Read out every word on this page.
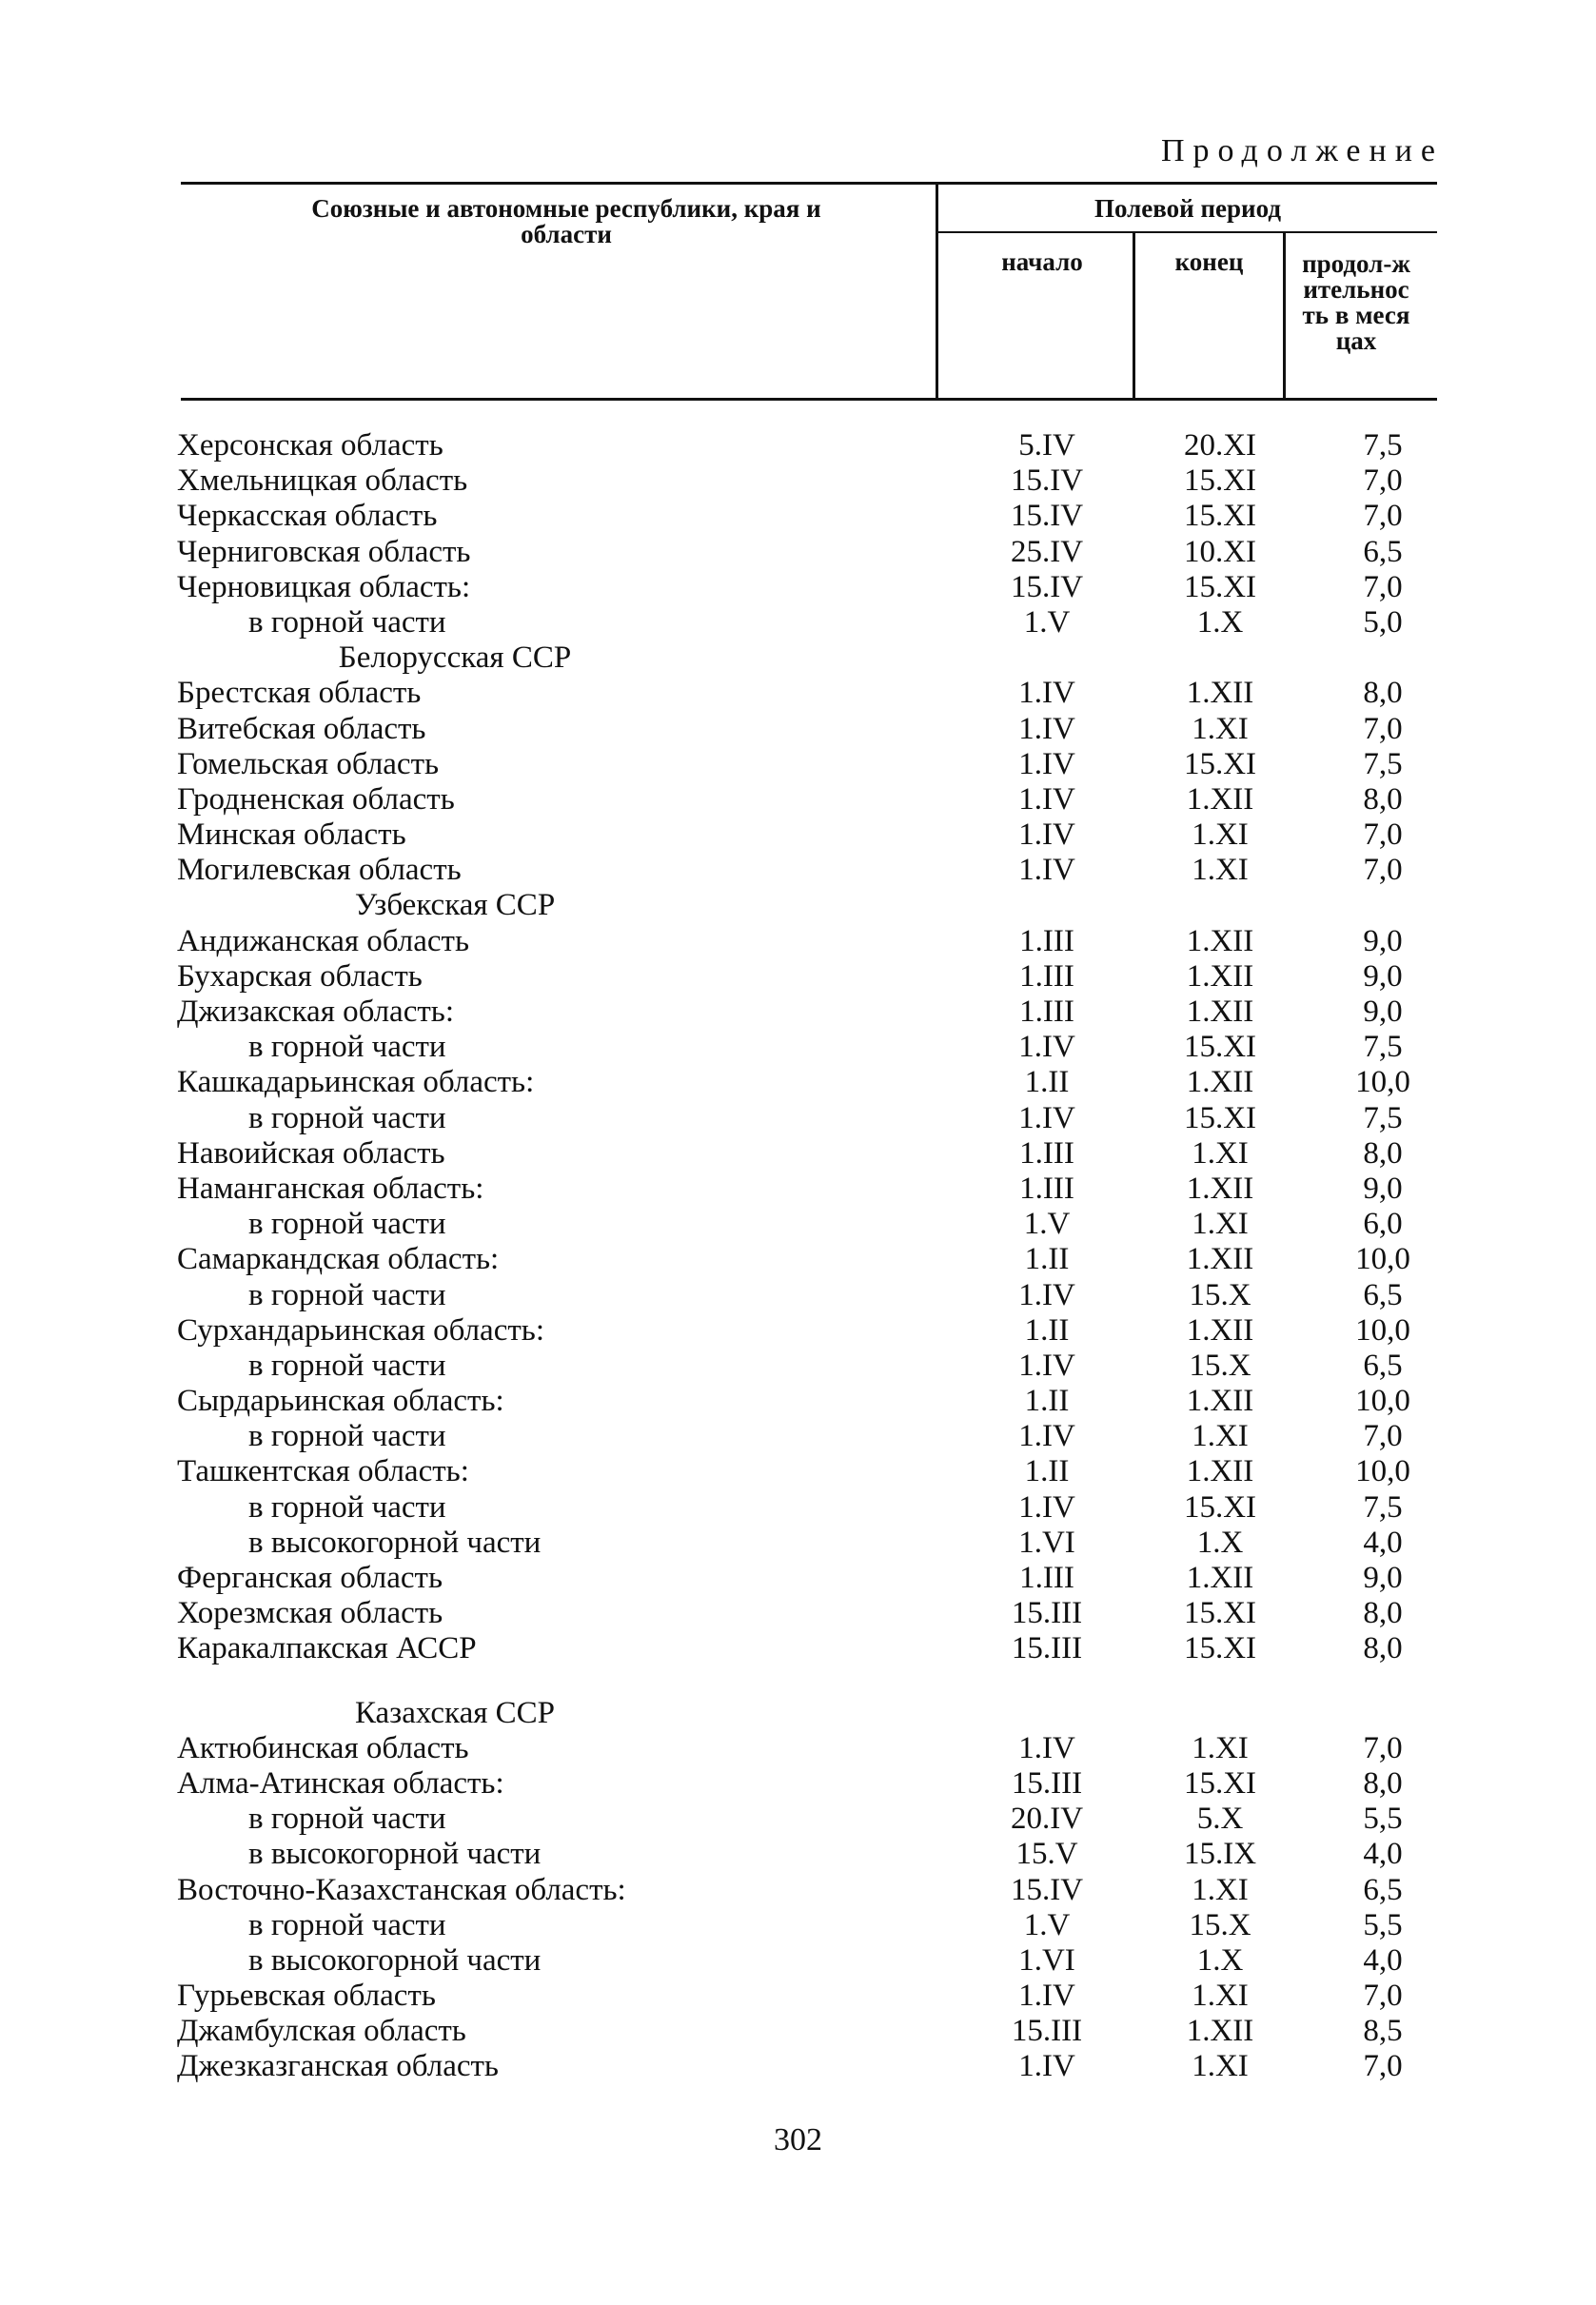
Продолжение
Союзные и автономные республики, края и области
Полевой период
начало	конец	продол-жительность в месяцах
Херсонская область	5.IV	20.XI	7,5
Хмельницкая область	15.IV	15.XI	7,0
Черкасская область	15.IV	15.XI	7,0
Черниговская область	25.IV	10.XI	6,5
Черновицкая область:	15.IV	15.XI	7,0
в горной части	1.V	1.X	5,0
Белорусская ССР
Брестская область	1.IV	1.XII	8,0
Витебская область	1.IV	1.XI	7,0
Гомельская область	1.IV	15.XI	7,5
Гродненская область	1.IV	1.XII	8,0
Минская область	1.IV	1.XI	7,0
Могилевская область	1.IV	1.XI	7,0
Узбекская ССР
Андижанская область	1.III	1.XII	9,0
Бухарская область	1.III	1.XII	9,0
Джизакская область:	1.III	1.XII	9,0
в горной части	1.IV	15.XI	7,5
Кашкадарьинская область:	1.II	1.XII	10,0
в горной части	1.IV	15.XI	7,5
Навоийская область	1.III	1.XI	8,0
Наманганская область:	1.III	1.XII	9,0
в горной части	1.V	1.XI	6,0
Самаркандская область:	1.II	1.XII	10,0
в горной части	1.IV	15.X	6,5
Сурхандарьинская область:	1.II	1.XII	10,0
в горной части	1.IV	15.X	6,5
Сырдарьинская область:	1.II	1.XII	10,0
в горной части	1.IV	1.XI	7,0
Ташкентская область:	1.II	1.XII	10,0
в горной части	1.IV	15.XI	7,5
в высокогорной части	1.VI	1.X	4,0
Ферганская область	1.III	1.XII	9,0
Хорезмская область	15.III	15.XI	8,0
Каракалпакская АССР	15.III	15.XI	8,0
Казахская ССР
Актюбинская область	1.IV	1.XI	7,0
Алма-Атинская область:	15.III	15.XI	8,0
в горной части	20.IV	5.X	5,5
в высокогорной части	15.V	15.IX	4,0
Восточно-Казахстанская область:	15.IV	1.XI	6,5
в горной части	1.V	15.X	5,5
в высокогорной части	1.VI	1.X	4,0
Гурьевская область	1.IV	1.XI	7,0
Джамбулская область	15.III	1.XII	8,5
Джезказганская область	1.IV	1.XI	7,0
302
